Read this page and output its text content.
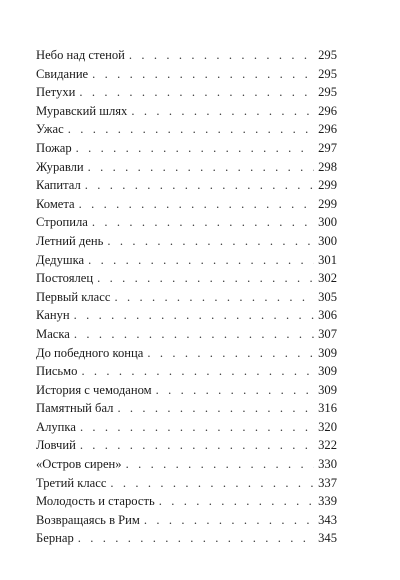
Небо над стеной . . .	295
Свидание . . .	295
Петухи . . .	295
Муравский шлях . . .	296
Ужас . . .	296
Пожар . . .	297
Журавли . . .	298
Капитал . . .	299
Комета . . .	299
Стропила . . .	300
Летний день . . .	300
Дедушка . . .	301
Постоялец . . .	302
Первый класс . . .	305
Канун . . .	306
Маска . . .	307
До победного конца . . .	309
Письмо . . .	309
История с чемоданом . . .	309
Памятный бал . . .	316
Алупка . . .	320
Ловчий . . .	322
«Остров сирен» . . .	330
Третий класс . . .	337
Молодость и старость . . .	339
Возвращаясь в Рим . . .	343
Бернар . . .	345
